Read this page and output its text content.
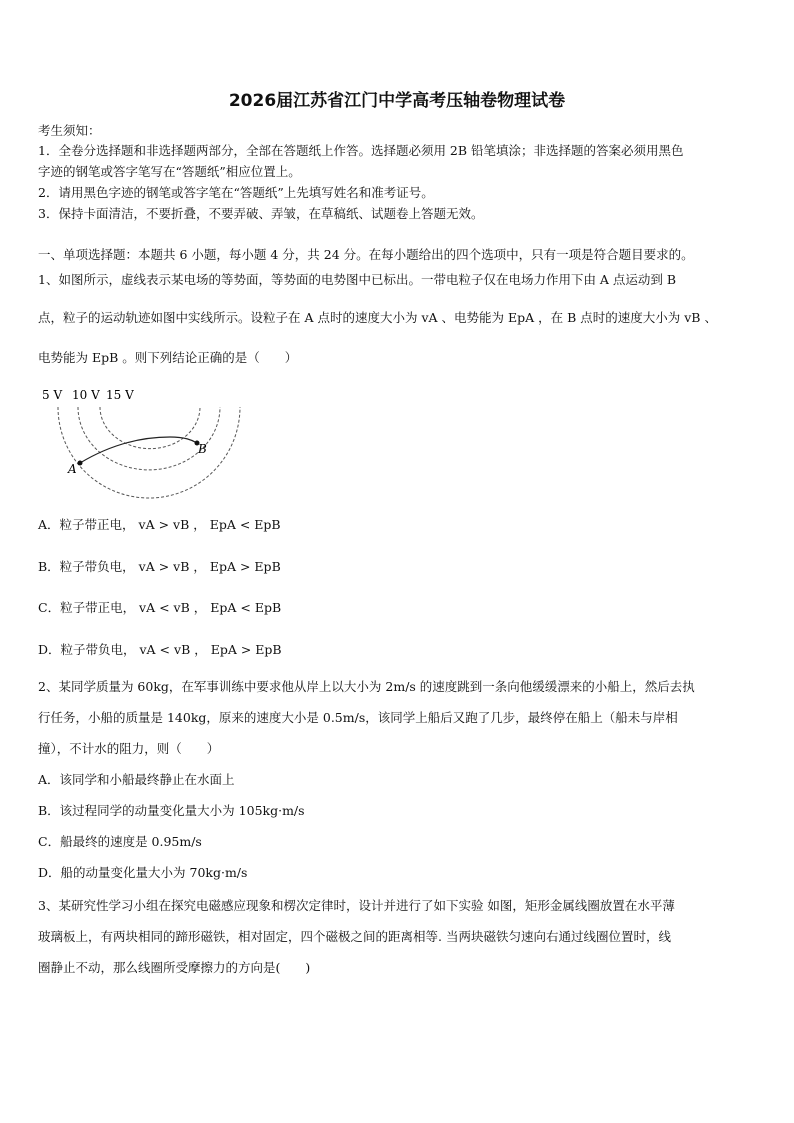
2026届江苏省江门中学高考压轴卷物理试卷
考生须知：
1．全卷分选择题和非选择题两部分，全部在答题纸上作答。选择题必须用 2B 铅笔填涂；非选择题的答案必须用黑色
字迹的钢笔或答字笔写在“答题纸”相应位置上。
2．请用黑色字迹的钢笔或答字笔在“答题纸”上先填写姓名和准考证号。
3．保持卡面清洁，不要折叠，不要弄破、弄皱，在草稿纸、试题卷上答题无效。
一、单项选择题：本题共 6 小题，每小题 4 分，共 24 分。在每小题给出的四个选项中，只有一项是符合题目要求的。
1、如图所示，虚线表示某电场的等势面，等势面的电势图中已标出。一带电粒子仅在电场力作用下由 A 点运动到 B
点，粒子的运动轨迹如图中实线所示。设粒子在 A 点时的速度大小为 vA 、电势能为 EpA ，在 B 点时的速度大小为 vB 、
电势能为 EpB 。则下列结论正确的是（　　）
5 V 10 V 15 V
A
B
A．粒子带正电， vA > vB ， EpA < EpB
B．粒子带负电， vA > vB ， EpA > EpB
C．粒子带正电， vA < vB ， EpA < EpB
D．粒子带负电， vA < vB ， EpA > EpB
2、某同学质量为 60kg，在军事训练中要求他从岸上以大小为 2m/s 的速度跳到一条向他缓缓漂来的小船上，然后去执
行任务，小船的质量是 140kg，原来的速度大小是 0.5m/s，该同学上船后又跑了几步，最终停在船上（船未与岸相
撞），不计水的阻力，则（　　）
A．该同学和小船最终静止在水面上
B．该过程同学的动量变化量大小为 105kg·m/s
C．船最终的速度是 0.95m/s
D．船的动量变化量大小为 70kg·m/s
3、某研究性学习小组在探究电磁感应现象和楞次定律时，设计并进行了如下实验 如图，矩形金属线圈放置在水平薄
玻璃板上，有两块相同的蹄形磁铁，相对固定，四个磁极之间的距离相等. 当两块磁铁匀速向右通过线圈位置时，线
圈静止不动，那么线圈所受摩擦力的方向是(　　)
